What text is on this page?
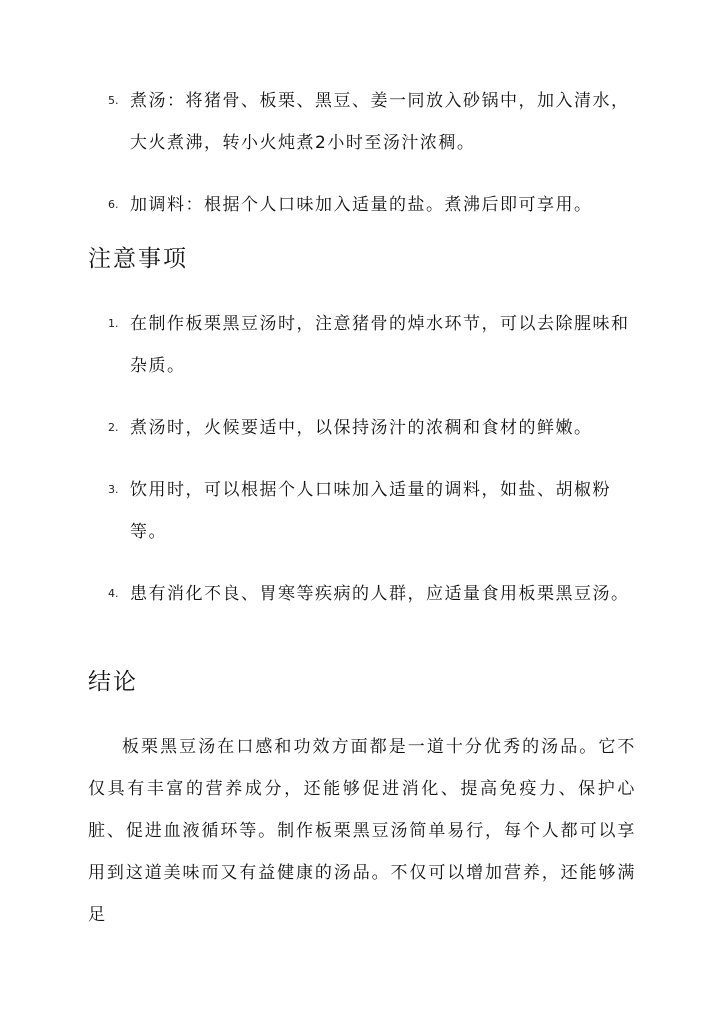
5. 煮汤：将猪骨、板栗、黑豆、姜一同放入砂锅中，加入清水，大火煮沸，转小火炖煮2小时至汤汁浓稠。
6. 加调料：根据个人口味加入适量的盐。煮沸后即可享用。
注意事项
1. 在制作板栗黑豆汤时，注意猪骨的焯水环节，可以去除腥味和杂质。
2. 煮汤时，火候要适中，以保持汤汁的浓稠和食材的鲜嫩。
3. 饮用时，可以根据个人口味加入适量的调料，如盐、胡椒粉等。
4. 患有消化不良、胃寒等疾病的人群，应适量食用板栗黑豆汤。
结论

板栗黑豆汤在口感和功效方面都是一道十分优秀的汤品。它不仅具有丰富的营养成分，还能够促进消化、提高免疫力、保护心脏、促进血液循环等。制作板栗黑豆汤简单易行，每个人都可以享用到这道美味而又有益健康的汤品。不仅可以增加营养，还能够满足
